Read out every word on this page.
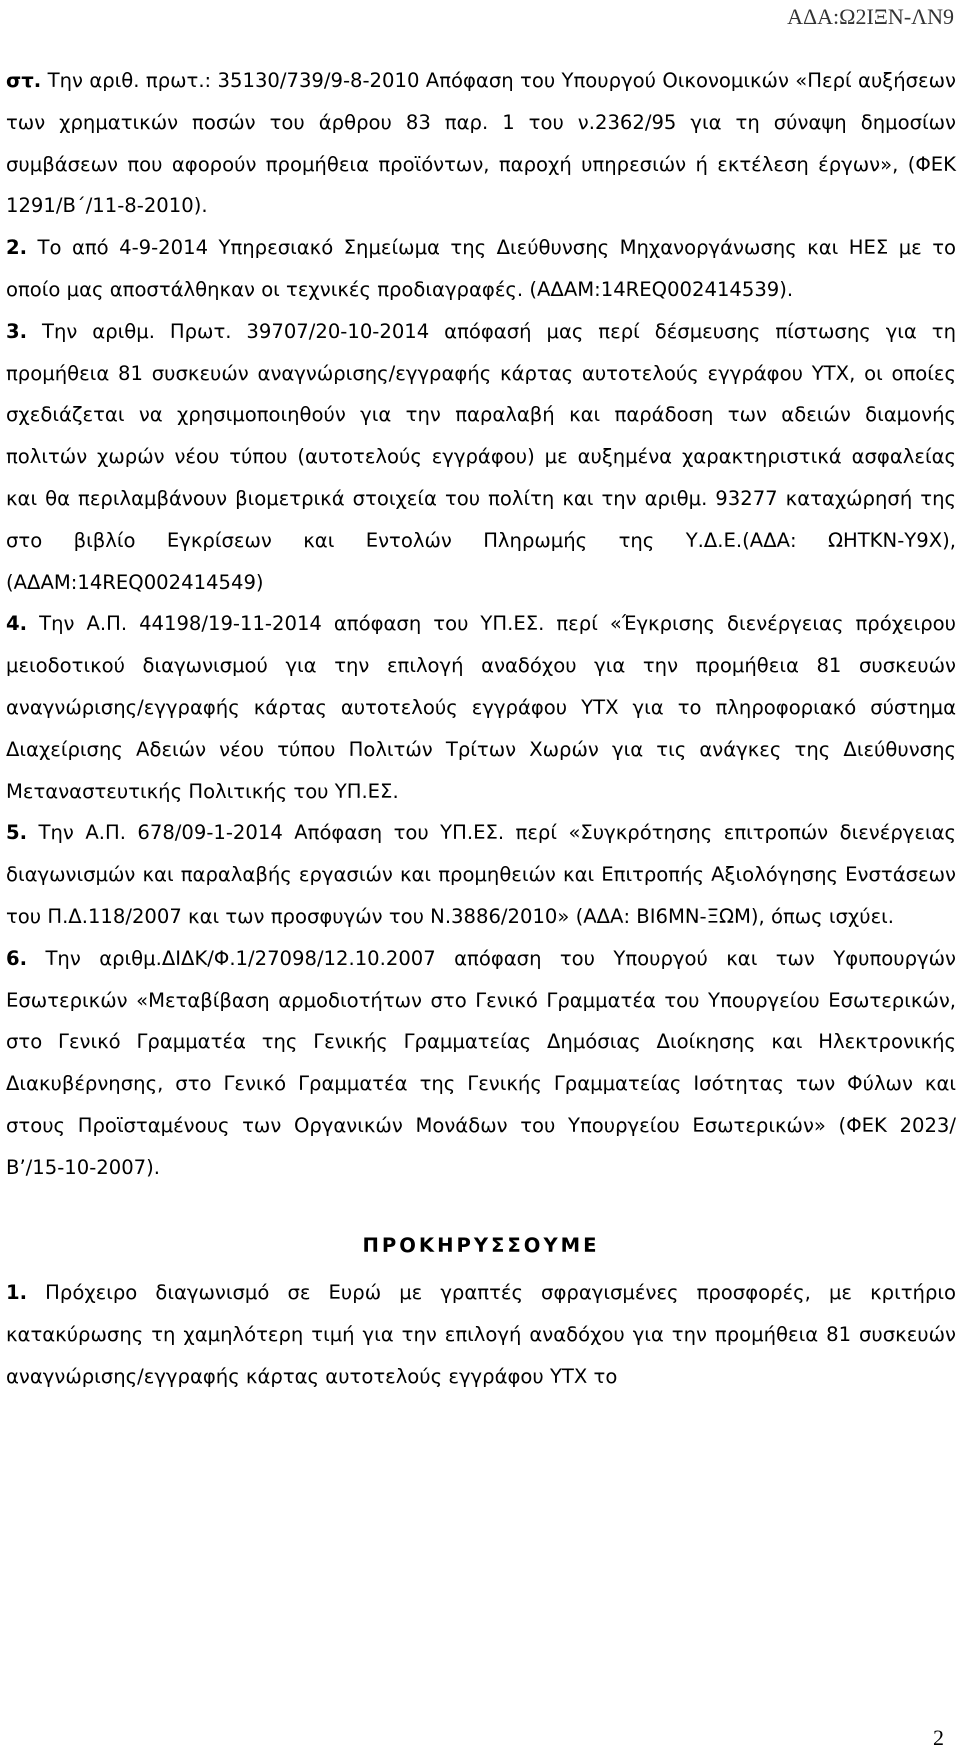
ΑΔΑ:Ω2ΙΞΝ-ΛΝ9

στ. Την αριθ. πρωτ.: 35130/739/9-8-2010 Απόφαση του Υπουργού Οικονομικών «Περί αυξήσεων των χρηματικών ποσών του άρθρου 83 παρ. 1 του ν.2362/95 για τη σύναψη δημοσίων συμβάσεων που αφορούν προμήθεια προϊόντων, παροχή υπηρεσιών ή εκτέλεση έργων», (ΦΕΚ 1291/Β΄/11-8-2010).

2. Το από 4-9-2014 Υπηρεσιακό Σημείωμα της Διεύθυνσης Μηχανοργάνωσης και ΗΕΣ με το οποίο μας αποστάλθηκαν οι τεχνικές προδιαγραφές. (ΑΔΑΜ:14REQ002414539).

3. Την αριθμ. Πρωτ. 39707/20-10-2014 απόφασή μας περί δέσμευσης πίστωσης για τη προμήθεια 81 συσκευών αναγνώρισης/εγγραφής κάρτας αυτοτελούς εγγράφου ΥΤΧ, οι οποίες σχεδιάζεται να χρησιμοποιηθούν για την παραλαβή και παράδοση των αδειών διαμονής πολιτών χωρών νέου τύπου (αυτοτελούς εγγράφου) με αυξημένα χαρακτηριστικά ασφαλείας και θα περιλαμβάνουν βιομετρικά στοιχεία του πολίτη και την αριθμ. 93277 καταχώρησή της στο βιβλίο Εγκρίσεων και Εντολών Πληρωμής της Υ.Δ.Ε.(ΑΔΑ: ΩΗΤΚΝ-Υ9Χ), (ΑΔΑΜ:14REQ002414549)

4. Την Α.Π. 44198/19-11-2014 απόφαση του ΥΠ.ΕΣ. περί «Έγκρισης διενέργειας πρόχειρου μειοδοτικού διαγωνισμού για την επιλογή αναδόχου για την προμήθεια 81 συσκευών αναγνώρισης/εγγραφής κάρτας αυτοτελούς εγγράφου ΥΤΧ για το πληροφοριακό σύστημα Διαχείρισης Αδειών νέου τύπου Πολιτών Τρίτων Χωρών για τις ανάγκες της Διεύθυνσης Μεταναστευτικής Πολιτικής του ΥΠ.ΕΣ.

5. Την Α.Π. 678/09-1-2014 Απόφαση του ΥΠ.ΕΣ. περί «Συγκρότησης επιτροπών διενέργειας διαγωνισμών και παραλαβής εργασιών και προμηθειών και Επιτροπής Αξιολόγησης Ενστάσεων του Π.Δ.118/2007 και των προσφυγών του Ν.3886/2010» (ΑΔΑ: ΒΙ6ΜΝ-ΞΩΜ), όπως ισχύει.

6. Την αριθμ.ΔΙΔΚ/Φ.1/27098/12.10.2007 απόφαση του Υπουργού και των Υφυπουργών Εσωτερικών «Μεταβίβαση αρμοδιοτήτων στο Γενικό Γραμματέα του Υπουργείου Εσωτερικών, στο Γενικό Γραμματέα της Γενικής Γραμματείας Δημόσιας Διοίκησης και Ηλεκτρονικής Διακυβέρνησης, στο Γενικό Γραμματέα της Γενικής Γραμματείας Ισότητας των Φύλων και στους Προϊσταμένους των Οργανικών Μονάδων του Υπουργείου Εσωτερικών» (ΦΕΚ 2023/Β’/15-10-2007).

ΠΡΟΚΗΡΥΣΣΟΥΜΕ

1. Πρόχειρο διαγωνισμό σε Ευρώ με γραπτές σφραγισμένες προσφορές, με κριτήριο κατακύρωσης τη χαμηλότερη τιμή για την επιλογή αναδόχου για την προμήθεια 81 συσκευών αναγνώρισης/εγγραφής κάρτας αυτοτελούς εγγράφου ΥΤΧ το

2
